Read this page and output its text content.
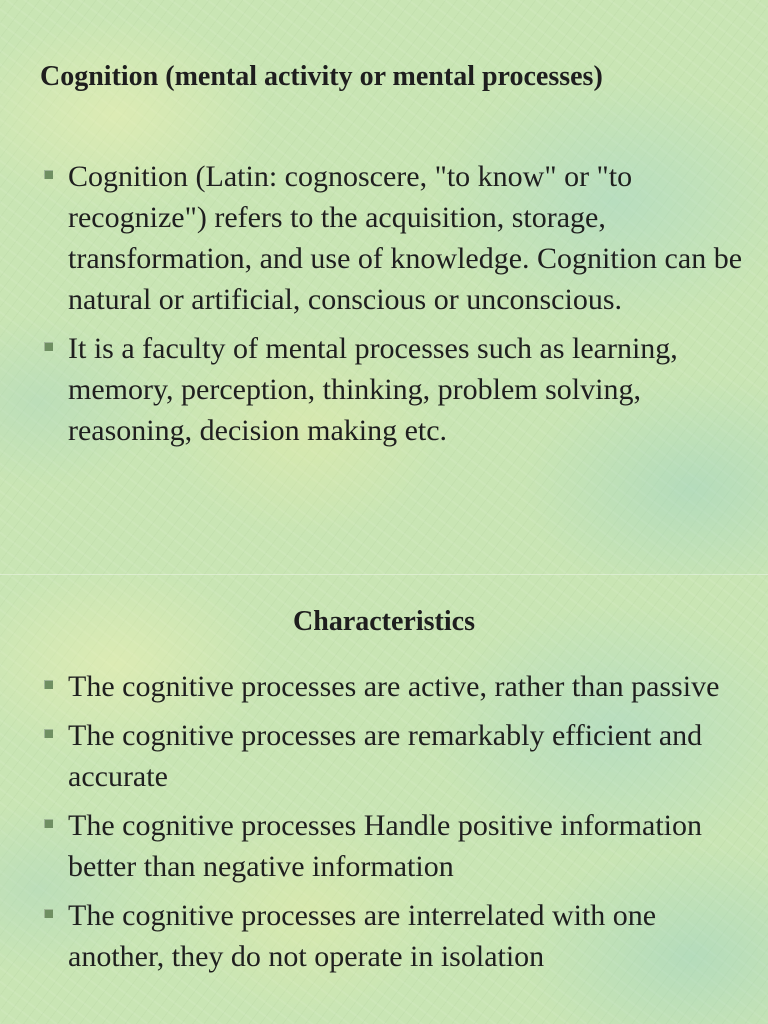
Cognition (mental activity or mental processes)
Cognition (Latin: cognoscere, "to know" or "to recognize") refers to the acquisition, storage, transformation, and use of knowledge. Cognition can be natural or artificial, conscious or unconscious.
It is a faculty of mental processes such as learning, memory, perception, thinking, problem solving, reasoning, decision making etc.
Characteristics
The cognitive processes are active, rather than passive
The cognitive processes are remarkably efficient and accurate
The cognitive processes Handle positive information better than negative information
The cognitive processes are interrelated with one another, they do not operate in isolation
